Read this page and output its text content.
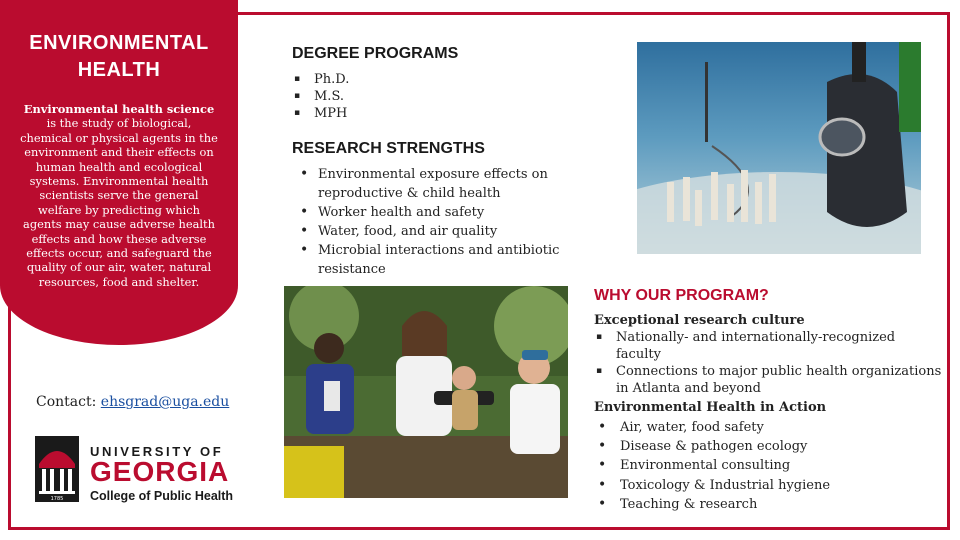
ENVIRONMENTAL
HEALTH
Environmental health science is the study of biological, chemical or physical agents in the environment and their effects on human health and ecological systems. Environmental health scientists serve the general welfare by predicting which agents may cause adverse health effects and how these adverse effects occur, and safeguard the quality of our air, water, natural resources, food and shelter.
Contact: ehsgrad@uga.edu
1785
UNIVERSITY OF
GEORGIA
College of Public Health
DEGREE PROGRAMS
▪ Ph.D.
▪ M.S.
▪ MPH
RESEARCH STRENGTHS
• Environmental exposure effects on reproductive & child health
• Worker health and safety
• Water, food, and air quality
• Microbial interactions and antibiotic resistance
WHY OUR PROGRAM?
Exceptional research culture
▪ Nationally- and internationally-recognized faculty
▪ Connections to major public health organizations in Atlanta and beyond
Environmental Health in Action
• Air, water, food safety
• Disease & pathogen ecology
• Environmental consulting
• Toxicology & Industrial hygiene
• Teaching & research
